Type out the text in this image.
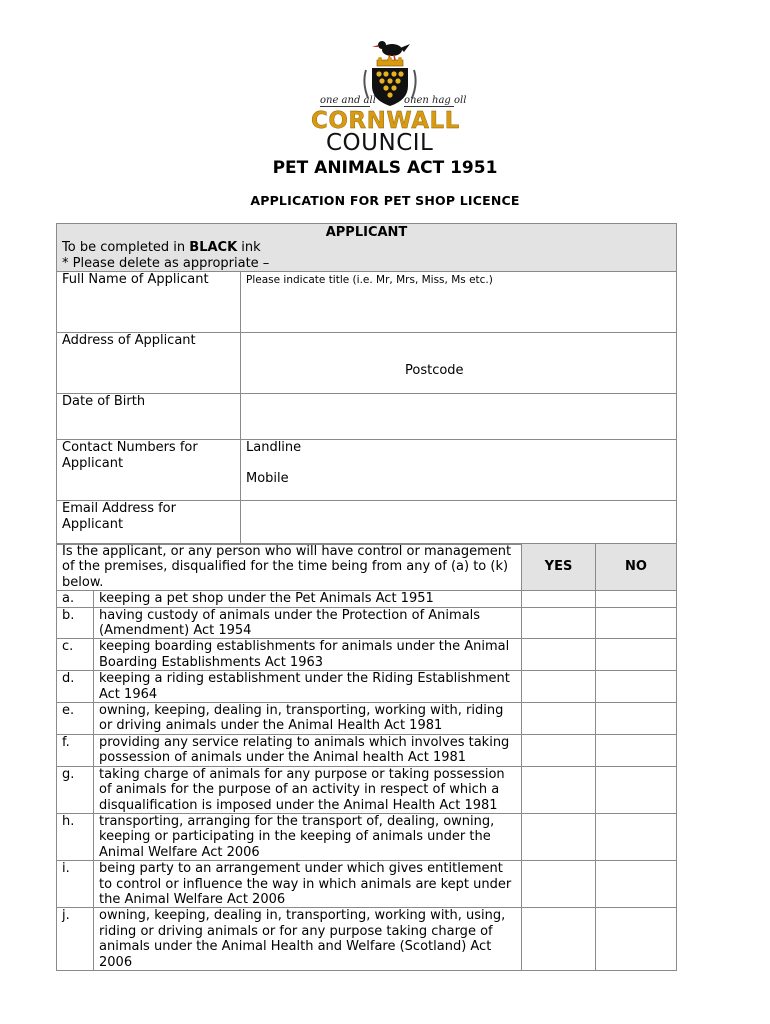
one and all	onen hag oll
CORNWALL
COUNCIL
PET ANIMALS ACT 1951
APPLICATION FOR PET SHOP LICENCE
APPLICANT
To be completed in BLACK ink
* Please delete as appropriate –	

Full Name of Applicant	Please indicate title (i.e. Mr, Mrs, Miss, Ms etc.)
Address of Applicant	Postcode

Date of Birth	
Contact Numbers for Applicant	Landline
Mobile

Email Address for Applicant	
Is the applicant, or any person who will have control or management of the premises, disqualified for the time being from any of (a) to (k) below.		YES	NO
a.	keeping a pet shop under the Pet Animals Act 1951		
b.	having custody of animals under the Protection of Animals (Amendment) Act 1954		
c.	keeping boarding establishments for animals under the Animal Boarding Establishments Act 1963		
d.	keeping a riding establishment under the Riding Establishment Act 1964		
e.	owning, keeping, dealing in, transporting, working with, riding or driving animals under the Animal Health Act 1981		
f.	providing any service relating to animals which involves taking possession of animals under the Animal health Act 1981		
g.	taking charge of animals for any purpose or taking possession of animals for the purpose of an activity in respect of which a disqualification is imposed under the Animal Health Act 1981		
h.	transporting, arranging for the transport of, dealing, owning, keeping or participating in the keeping of animals under the Animal Welfare Act 2006		
i.	being party to an arrangement under which gives entitlement to control or influence the way in which animals are kept under the Animal Welfare Act 2006		
j.	owning, keeping, dealing in, transporting, working with, using, riding or driving animals or for any purpose taking charge of animals under the Animal Health and Welfare (Scotland) Act 2006		
